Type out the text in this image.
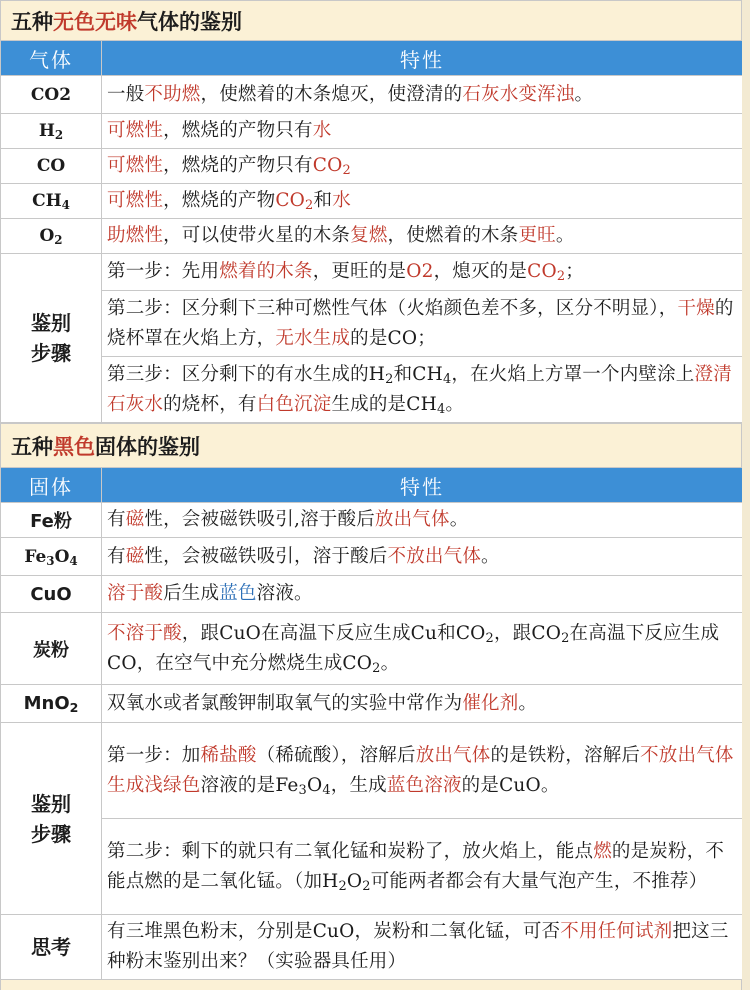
五种 无色无味 气体的鉴别
气体	特性
CO2	一般不助燃，使燃着的木条熄灭，使澄清的石灰水变浑浊。
$H_2$	可燃性，燃烧的产物只有水
CO	可燃性，燃烧的产物只有$CO_2$
$CH_4$	可燃性，燃烧的产物$CO_2$和水
$O_2$	助燃性，可以使带火星的木条复燃，使燃着的木条更旺。
鉴别
步骤	第一步：先用燃着的木条，更旺的是O2，熄灭的是$CO_2$；
	第二步：区分剩下三种可燃性气体（火焰颜色差不多，区分不明显），干燥的烧杯罩在火焰上方，无水生成的是CO；
	第三步：区分剩下的有水生成的$H_2$和$CH_4$，在火焰上方罩一个内壁涂上澄清石灰水的烧杯，有白色沉淀生成的是$CH_4$。
五种 黑色 固体的鉴别
固体	特性
Fe粉	有磁性，会被磁铁吸引,溶于酸后放出气体。
$Fe_3O_4$	有磁性，会被磁铁吸引，溶于酸后不放出气体。
CuO	溶于酸后生成蓝色溶液。
炭粉	不溶于酸，跟CuO在高温下反应生成Cu和$CO_2$，跟$CO_2$在高温下反应生成CO，在空气中充分燃烧生成$CO_2$。
MnO$_2$	双氧水或者氯酸钾制取氧气的实验中常作为催化剂。
鉴别
步骤	第一步：加稀盐酸（稀硫酸），溶解后放出气体的是铁粉，溶解后不放出气体生成浅绿色溶液的是$Fe_3O_4$，生成蓝色溶液的是CuO。
	第二步：剩下的就只有二氧化锰和炭粉了，放火焰上，能点燃的是炭粉，不能点燃的是二氧化锰。（加$H_2O_2$可能两者都会有大量气泡产生，不推荐）
思考	有三堆黑色粉末，分别是CuO，炭粉和二氧化锰，可否不用任何试剂把这三种粉末鉴别出来？（实验器具任用）
